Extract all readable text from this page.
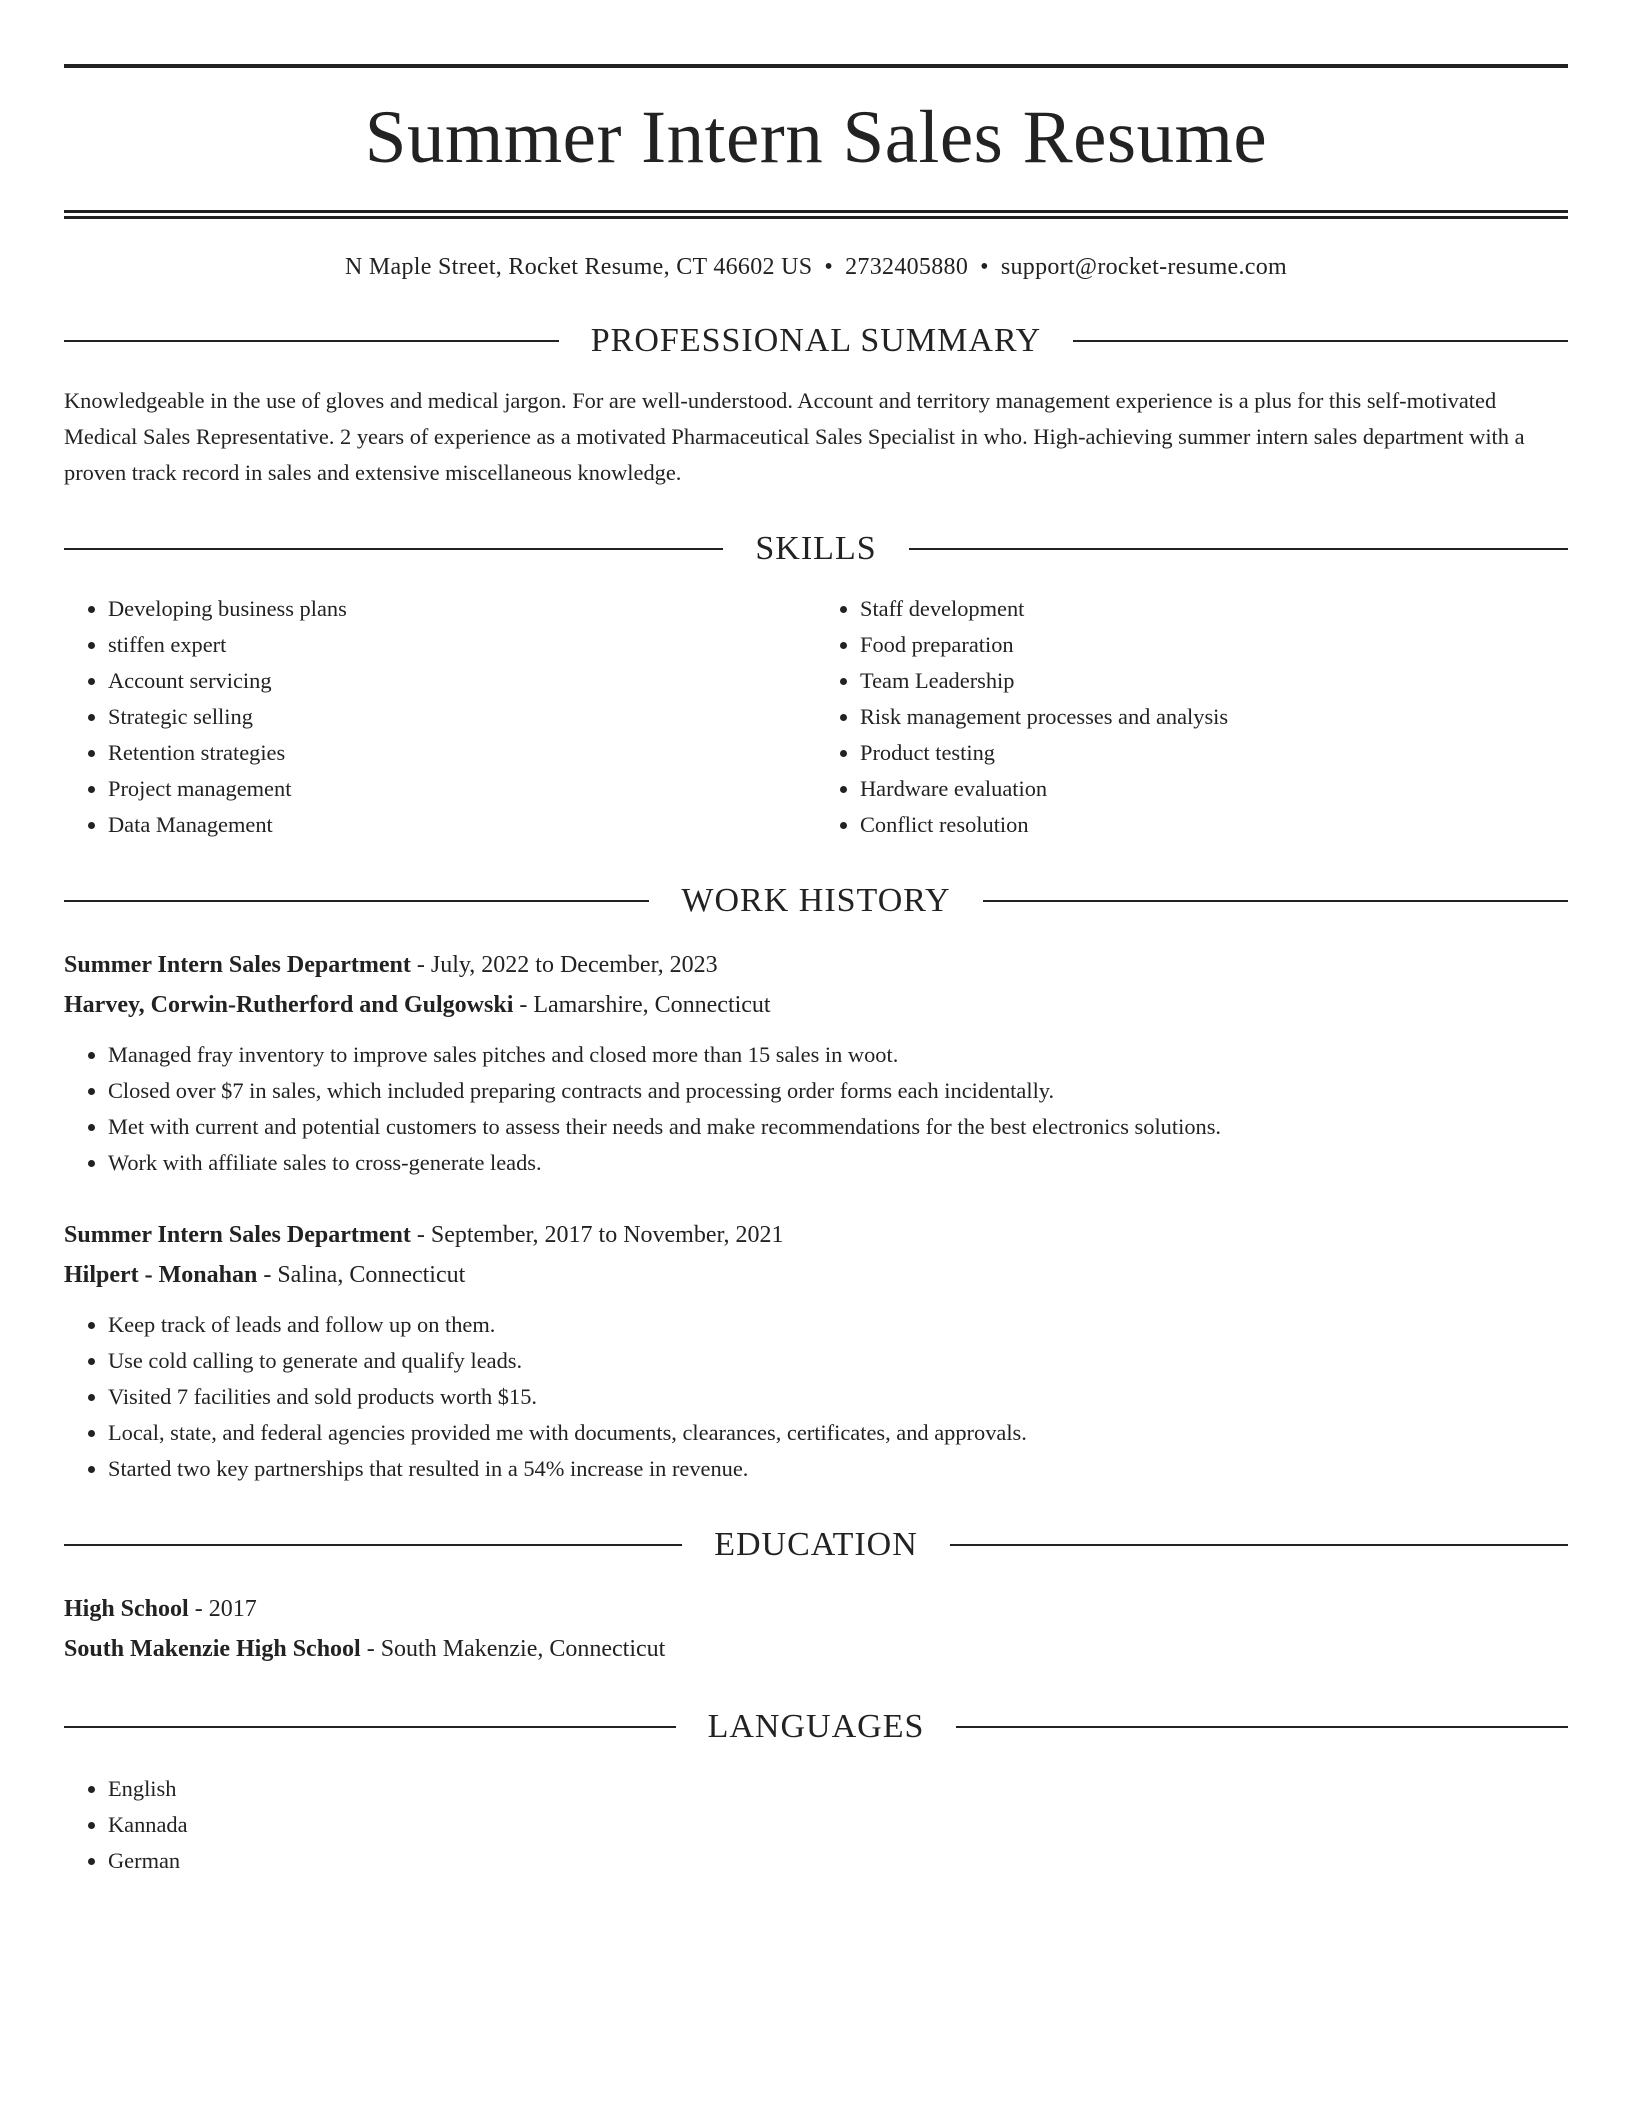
Summer Intern Sales Resume
N Maple Street, Rocket Resume, CT 46602 US • 2732405880 • support@rocket-resume.com
PROFESSIONAL SUMMARY

Knowledgeable in the use of gloves and medical jargon. For are well-understood. Account and territory management experience is a plus for this self-motivated Medical Sales Representative. 2 years of experience as a motivated Pharmaceutical Sales Specialist in who. High-achieving summer intern sales department with a proven track record in sales and extensive miscellaneous knowledge.

SKILLS
• Developing business plans
• stiffen expert
• Account servicing
• Strategic selling
• Retention strategies
• Project management
• Data Management
• Staff development
• Food preparation
• Team Leadership
• Risk management processes and analysis
• Product testing
• Hardware evaluation
• Conflict resolution
WORK HISTORY
Summer Intern Sales Department - July, 2022 to December, 2023
Harvey, Corwin-Rutherford and Gulgowski - Lamarshire, Connecticut
• Managed fray inventory to improve sales pitches and closed more than 15 sales in woot.
• Closed over $7 in sales, which included preparing contracts and processing order forms each incidentally.
• Met with current and potential customers to assess their needs and make recommendations for the best electronics solutions.
• Work with affiliate sales to cross-generate leads.
Summer Intern Sales Department - September, 2017 to November, 2021
Hilpert - Monahan - Salina, Connecticut
• Keep track of leads and follow up on them.
• Use cold calling to generate and qualify leads.
• Visited 7 facilities and sold products worth $15.
• Local, state, and federal agencies provided me with documents, clearances, certificates, and approvals.
• Started two key partnerships that resulted in a 54% increase in revenue.
EDUCATION
High School - 2017
South Makenzie High School - South Makenzie, Connecticut
LANGUAGES
• English
• Kannada
• German
